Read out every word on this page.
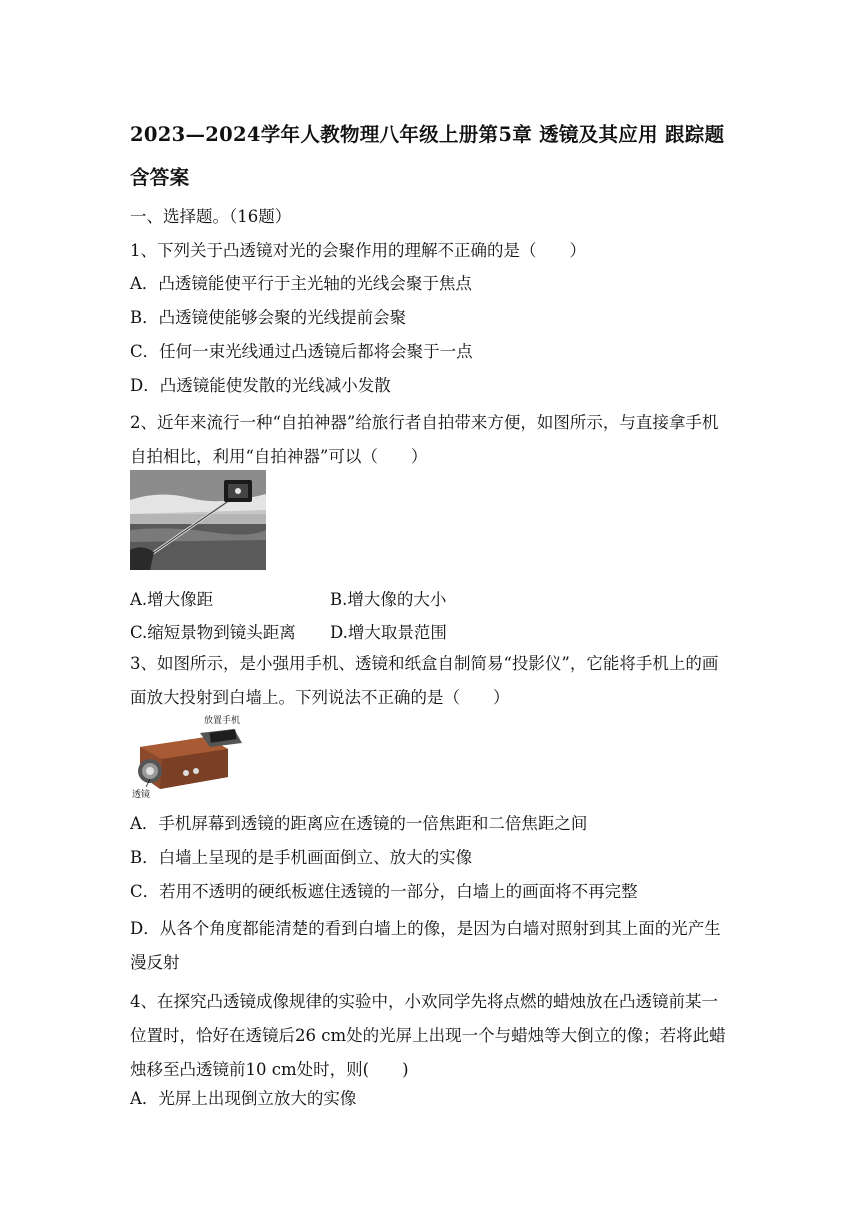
2023—2024学年人教物理八年级上册第5章 透镜及其应用 跟踪题含答案
一、选择题。（16题）
1、下列关于凸透镜对光的会聚作用的理解不正确的是（　　）
A．凸透镜能使平行于主光轴的光线会聚于焦点
B．凸透镜使能够会聚的光线提前会聚
C．任何一束光线通过凸透镜后都将会聚于一点
D．凸透镜能使发散的光线减小发散
2、近年来流行一种“自拍神器”给旅行者自拍带来方便，如图所示，与直接拿手机自拍相比，利用“自拍神器”可以（　　）
A.增大像距	B.增大像的大小
C.缩短景物到镜头距离 D.增大取景范围
3、如图所示，是小强用手机、透镜和纸盒自制简易“投影仪”，它能将手机上的画面放大投射到白墙上。下列说法不正确的是（　　）
放置手机
透镜
A．手机屏幕到透镜的距离应在透镜的一倍焦距和二倍焦距之间
B．白墙上呈现的是手机画面倒立、放大的实像
C．若用不透明的硬纸板遮住透镜的一部分，白墙上的画面将不再完整
D．从各个角度都能清楚的看到白墙上的像，是因为白墙对照射到其上面的光产生漫反射
4、在探究凸透镜成像规律的实验中，小欢同学先将点燃的蜡烛放在凸透镜前某一位置时，恰好在透镜后26 cm处的光屏上出现一个与蜡烛等大倒立的像；若将此蜡烛移至凸透镜前10 cm处时，则(　　)
A．光屏上出现倒立放大的实像
